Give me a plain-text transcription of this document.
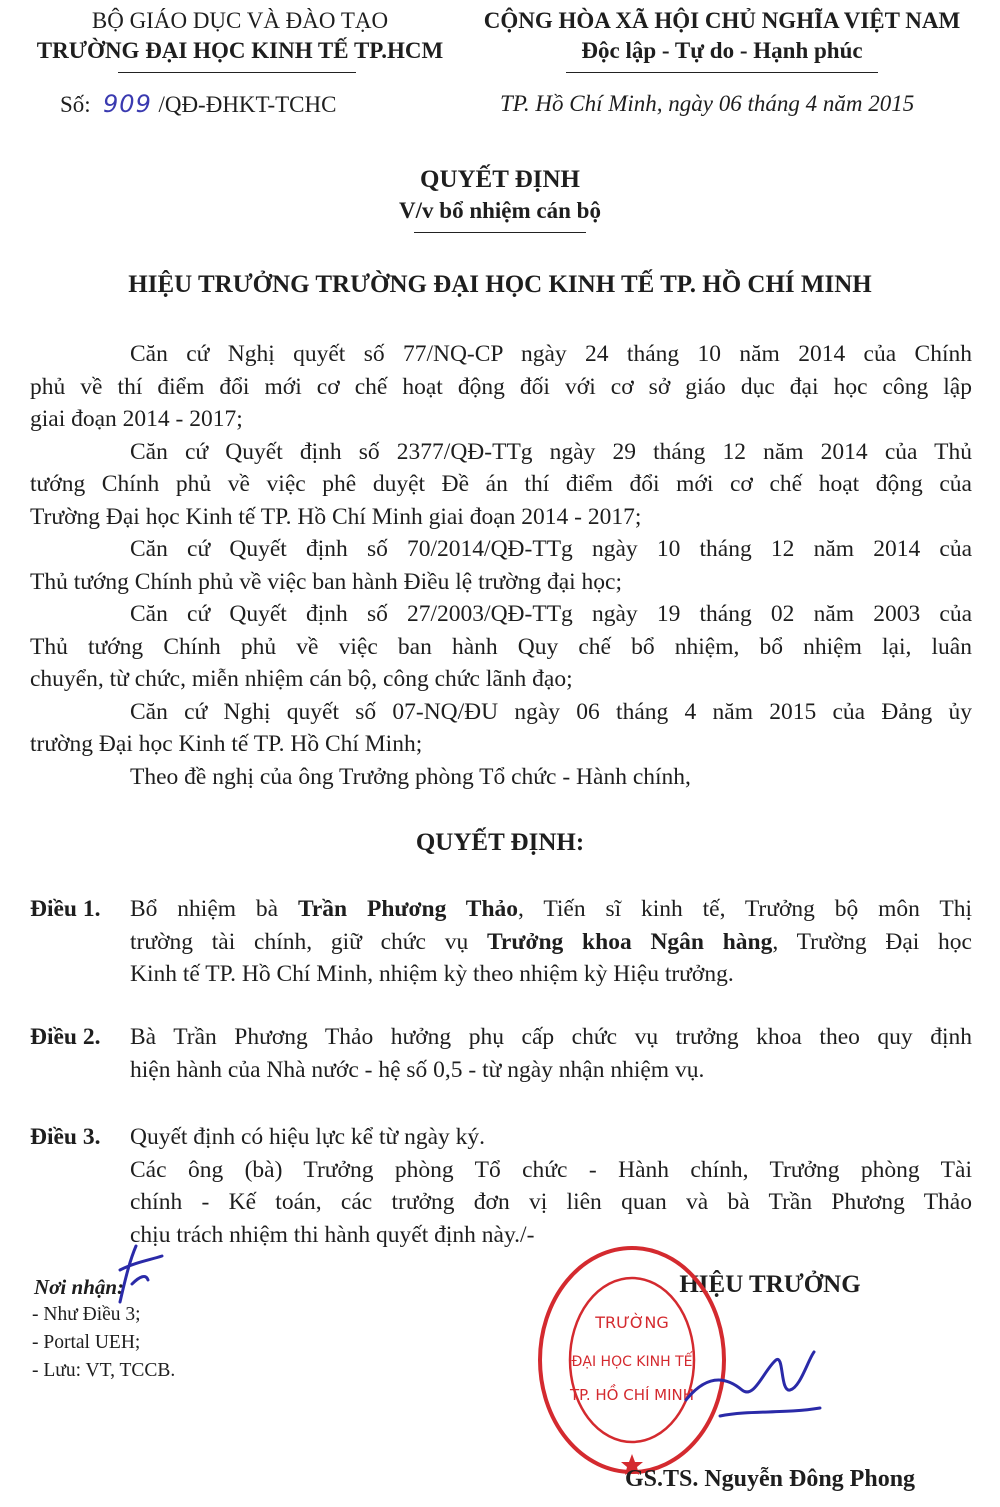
BỘ GIÁO DỤC VÀ ĐÀO TẠO
TRƯỜNG ĐẠI HỌC KINH TẾ TP.HCM
CỘNG HÒA XÃ HỘI CHỦ NGHĨA VIỆT NAM
Độc lập - Tự do - Hạnh phúc
Số: 909 /QĐ-ĐHKT-TCHC	TP. Hồ Chí Minh, ngày 06 tháng 4 năm 2015
QUYẾT ĐỊNH
V/v bổ nhiệm cán bộ
HIỆU TRƯỞNG TRƯỜNG ĐẠI HỌC KINH TẾ TP. HỒ CHÍ MINH
Căn cứ Nghị quyết số 77/NQ-CP ngày 24 tháng 10 năm 2014 của Chính
phủ về thí điểm đổi mới cơ chế hoạt động đối với cơ sở giáo dục đại học công lập
giai đoạn 2014 - 2017;
Căn cứ Quyết định số 2377/QĐ-TTg ngày 29 tháng 12 năm 2014 của Thủ
tướng Chính phủ về việc phê duyệt Đề án thí điểm đổi mới cơ chế hoạt động của
Trường Đại học Kinh tế TP. Hồ Chí Minh giai đoạn 2014 - 2017;
Căn cứ Quyết định số 70/2014/QĐ-TTg ngày 10 tháng 12 năm 2014 của
Thủ tướng Chính phủ về việc ban hành Điều lệ trường đại học;
Căn cứ Quyết định số 27/2003/QĐ-TTg ngày 19 tháng 02 năm 2003 của
Thủ tướng Chính phủ về việc ban hành Quy chế bổ nhiệm, bổ nhiệm lại, luân
chuyển, từ chức, miễn nhiệm cán bộ, công chức lãnh đạo;
Căn cứ Nghị quyết số 07-NQ/ĐU ngày 06 tháng 4 năm 2015 của Đảng ủy
trường Đại học Kinh tế TP. Hồ Chí Minh;
Theo đề nghị của ông Trưởng phòng Tổ chức - Hành chính,
QUYẾT ĐỊNH:
Điều 1. Bổ nhiệm bà Trần Phương Thảo, Tiến sĩ kinh tế, Trưởng bộ môn Thị
trường tài chính, giữ chức vụ Trưởng khoa Ngân hàng, Trường Đại học
Kinh tế TP. Hồ Chí Minh, nhiệm kỳ theo nhiệm kỳ Hiệu trưởng.
Điều 2. Bà Trần Phương Thảo hưởng phụ cấp chức vụ trưởng khoa theo quy định
hiện hành của Nhà nước - hệ số 0,5 - từ ngày nhận nhiệm vụ.
Điều 3. Quyết định có hiệu lực kể từ ngày ký.
Các ông (bà) Trưởng phòng Tổ chức - Hành chính, Trưởng phòng Tài
chính - Kế toán, các trưởng đơn vị liên quan và bà Trần Phương Thảo
chịu trách nhiệm thi hành quyết định này./-
Nơi nhận:
- Như Điều 3;
- Portal UEH;
- Lưu: VT, TCCB.
HIỆU TRƯỞNG
TRƯỜNG
ĐẠI HỌC KINH TẾ
TP. HỒ CHÍ MINH
GS.TS. Nguyễn Đông Phong
